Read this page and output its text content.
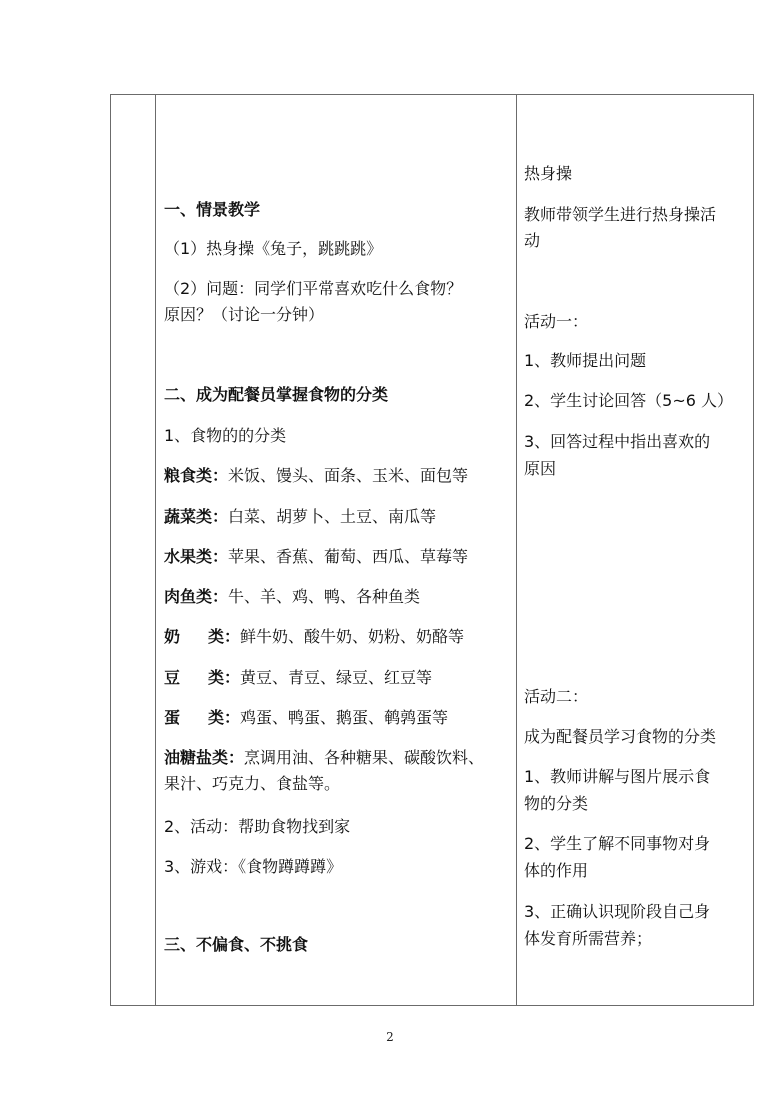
一、情景教学
（1）热身操《兔子，跳跳跳》
（2）问题：同学们平常喜欢吃什么食物？
原因？（讨论一分钟）
二、成为配餐员掌握食物的分类
1、食物的的分类
粮食类：米饭、馒头、面条、玉米、面包等
蔬菜类：白菜、胡萝卜、土豆、南瓜等
水果类：苹果、香蕉、葡萄、西瓜、草莓等
肉鱼类：牛、羊、鸡、鸭、各种鱼类
奶 类：鲜牛奶、酸牛奶、奶粉、奶酪等
豆 类：黄豆、青豆、绿豆、红豆等
蛋 类：鸡蛋、鸭蛋、鹅蛋、鹌鹑蛋等
油糖盐类：烹调用油、各种糖果、碳酸饮料、
果汁、巧克力、食盐等。
2、活动：帮助食物找到家
3、游戏：《食物蹲蹲蹲》
三、不偏食、不挑食
热身操
教师带领学生进行热身操活
动
活动一：
1、教师提出问题
2、学生讨论回答（5~6 人）
3、回答过程中指出喜欢的
原因
活动二：
成为配餐员学习食物的分类
1、教师讲解与图片展示食
物的分类
2、学生了解不同事物对身
体的作用
3、正确认识现阶段自己身
体发育所需营养；
2
